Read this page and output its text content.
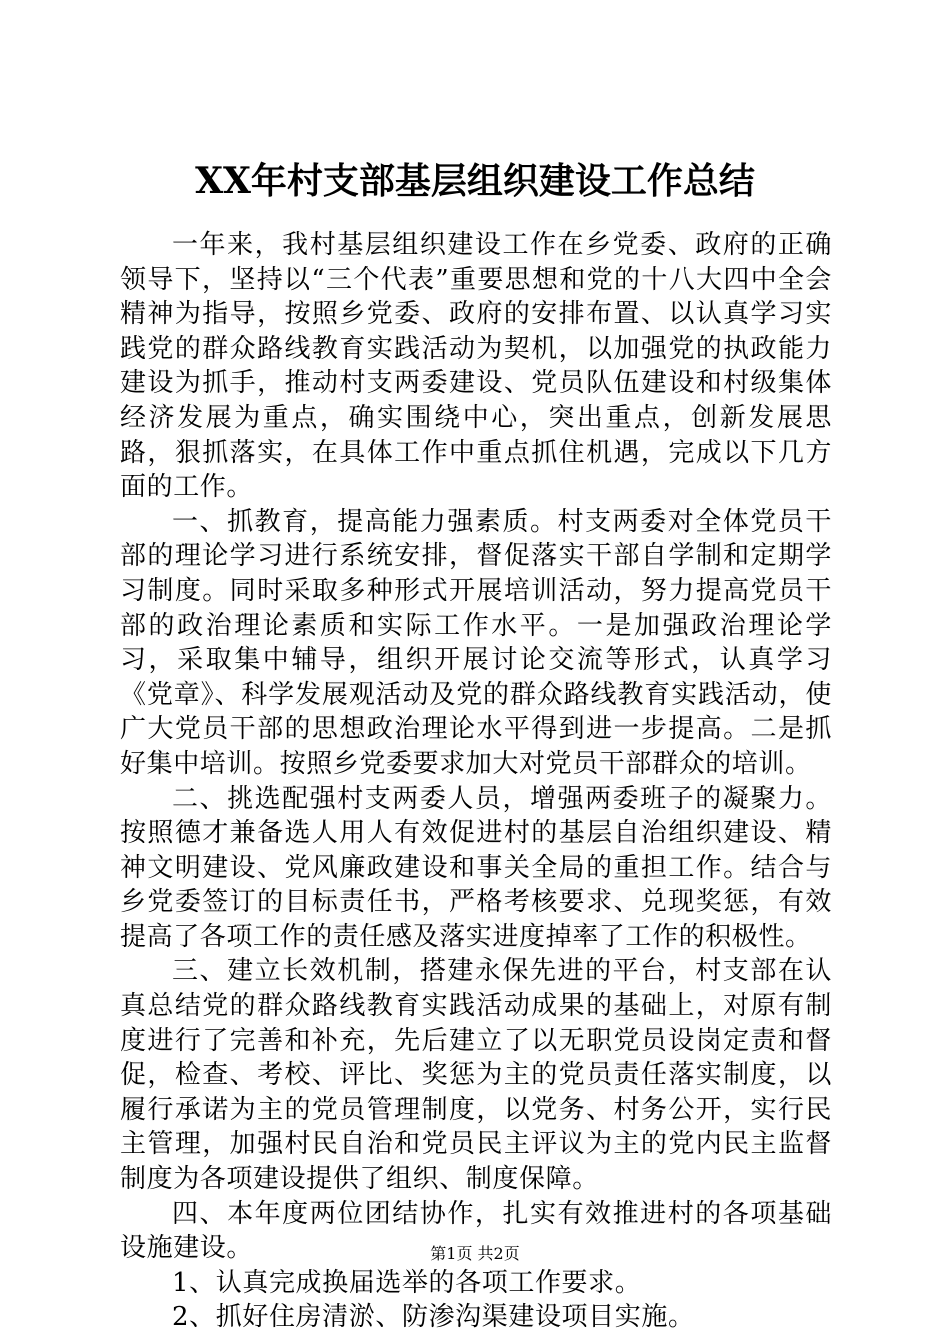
XX年村支部基层组织建设工作总结

一年来，我村基层组织建设工作在乡党委、政府的正确领导下，坚持以“三个代表”重要思想和党的十八大四中全会精神为指导，按照乡党委、政府的安排布置、以认真学习实践党的群众路线教育实践活动为契机，以加强党的执政能力建设为抓手，推动村支两委建设、党员队伍建设和村级集体经济发展为重点，确实围绕中心，突出重点，创新发展思路，狠抓落实，在具体工作中重点抓住机遇，完成以下几方面的工作。

一、抓教育，提高能力强素质。村支两委对全体党员干部的理论学习进行系统安排，督促落实干部自学制和定期学习制度。同时采取多种形式开展培训活动，努力提高党员干部的政治理论素质和实际工作水平。一是加强政治理论学习，采取集中辅导，组织开展讨论交流等形式，认真学习《党章》、科学发展观活动及党的群众路线教育实践活动，使广大党员干部的思想政治理论水平得到进一步提高。二是抓好集中培训。按照乡党委要求加大对党员干部群众的培训。

二、挑选配强村支两委人员，增强两委班子的凝聚力。按照德才兼备选人用人有效促进村的基层自治组织建设、精神文明建设、党风廉政建设和事关全局的重担工作。结合与乡党委签订的目标责任书，严格考核要求、兑现奖惩，有效提高了各项工作的责任感及落实进度掉率了工作的积极性。

三、建立长效机制，搭建永保先进的平台，村支部在认真总结党的群众路线教育实践活动成果的基础上，对原有制度进行了完善和补充，先后建立了以无职党员设岗定责和督促，检查、考校、评比、奖惩为主的党员责任落实制度，以履行承诺为主的党员管理制度，以党务、村务公开，实行民主管理，加强村民自治和党员民主评议为主的党内民主监督制度为各项建设提供了组织、制度保障。

四、本年度两位团结协作，扎实有效推进村的各项基础设施建设。

1、认真完成换届选举的各项工作要求。

2、抓好住房清淤、防渗沟渠建设项目实施。

第1页 共2页
